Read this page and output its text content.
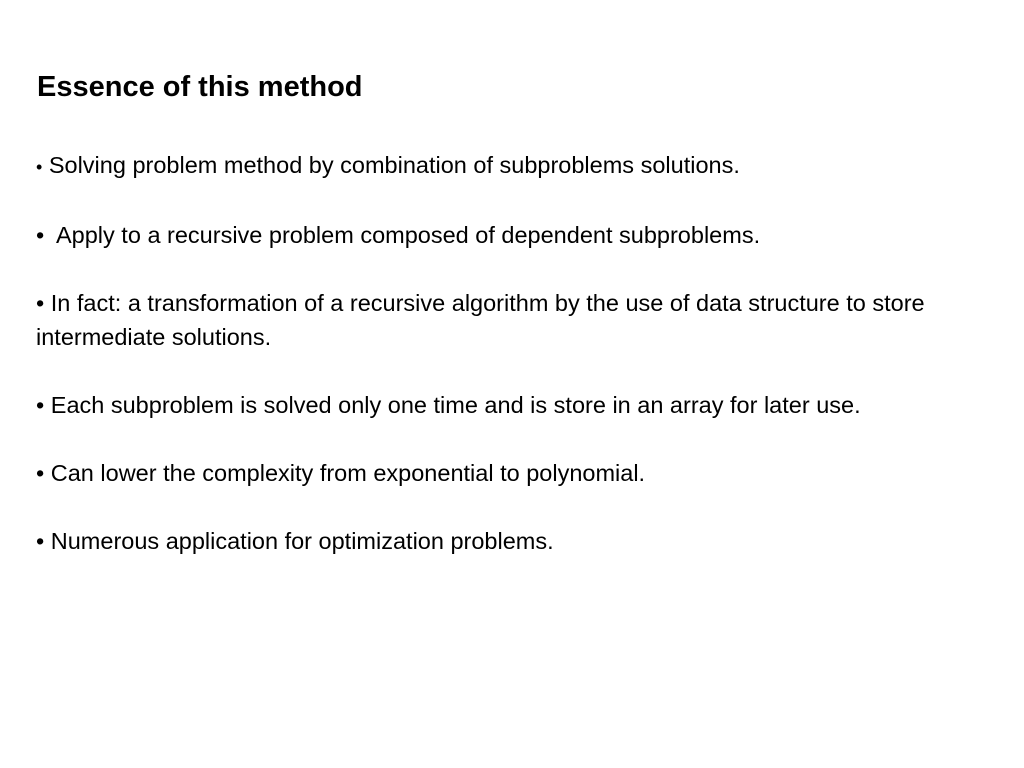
Essence of this method
• Solving problem method by combination of subproblems solutions.
•  Apply to a recursive problem composed of dependent subproblems.
• In fact: a transformation of a recursive algorithm by the use of data structure to store intermediate solutions.
• Each subproblem is solved only one time and is store in an array for later use.
• Can lower the complexity from exponential to polynomial.
• Numerous application for optimization problems.
